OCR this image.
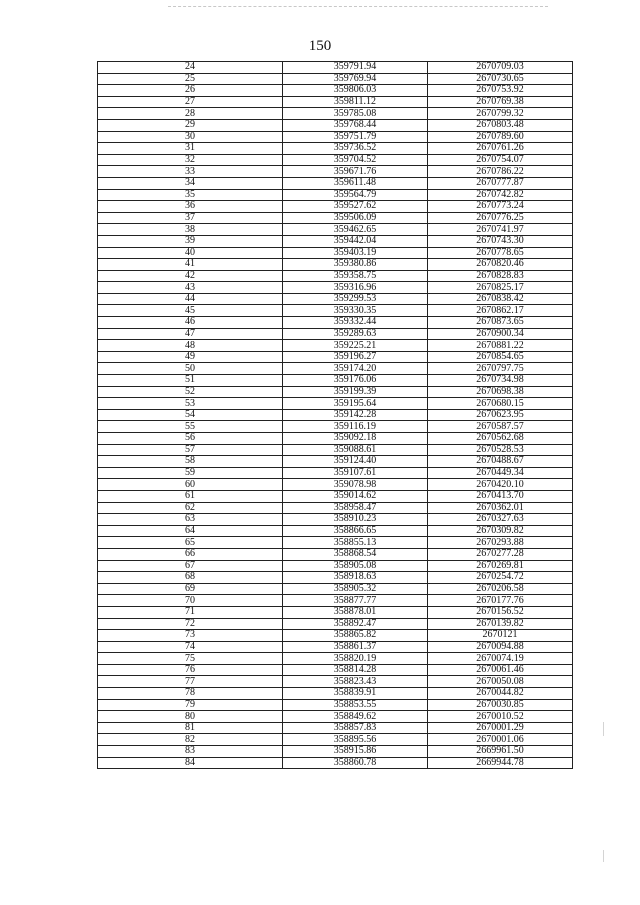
150
24	359791.94	2670709.03
25	359769.94	2670730.65
26	359806.03	2670753.92
27	359811.12	2670769.38
28	359785.08	2670799.32
29	359768.44	2670803.48
30	359751.79	2670789.60
31	359736.52	2670761.26
32	359704.52	2670754.07
33	359671.76	2670786.22
34	359611.48	2670777.87
35	359564.79	2670742.82
36	359527.62	2670773.24
37	359506.09	2670776.25
38	359462.65	2670741.97
39	359442.04	2670743.30
40	359403.19	2670778.65
41	359380.86	2670820.46
42	359358.75	2670828.83
43	359316.96	2670825.17
44	359299.53	2670838.42
45	359330.35	2670862.17
46	359332.44	2670873.65
47	359289.63	2670900.34
48	359225.21	2670881.22
49	359196.27	2670854.65
50	359174.20	2670797.75
51	359176.06	2670734.98
52	359199.39	2670698.38
53	359195.64	2670680.15
54	359142.28	2670623.95
55	359116.19	2670587.57
56	359092.18	2670562.68
57	359088.61	2670528.53
58	359124.40	2670488.67
59	359107.61	2670449.34
60	359078.98	2670420.10
61	359014.62	2670413.70
62	358958.47	2670362.01
63	358910.23	2670327.63
64	358866.65	2670309.82
65	358855.13	2670293.88
66	358868.54	2670277.28
67	358905.08	2670269.81
68	358918.63	2670254.72
69	358905.32	2670206.58
70	358877.77	2670177.76
71	358878.01	2670156.52
72	358892.47	2670139.82
73	358865.82	2670121
74	358861.37	2670094.88
75	358820.19	2670074.19
76	358814.28	2670061.46
77	358823.43	2670050.08
78	358839.91	2670044.82
79	358853.55	2670030.85
80	358849.62	2670010.52
81	358857.83	2670001.29
82	358895.56	2670001.06
83	358915.86	2669961.50
84	358860.78	2669944.78
